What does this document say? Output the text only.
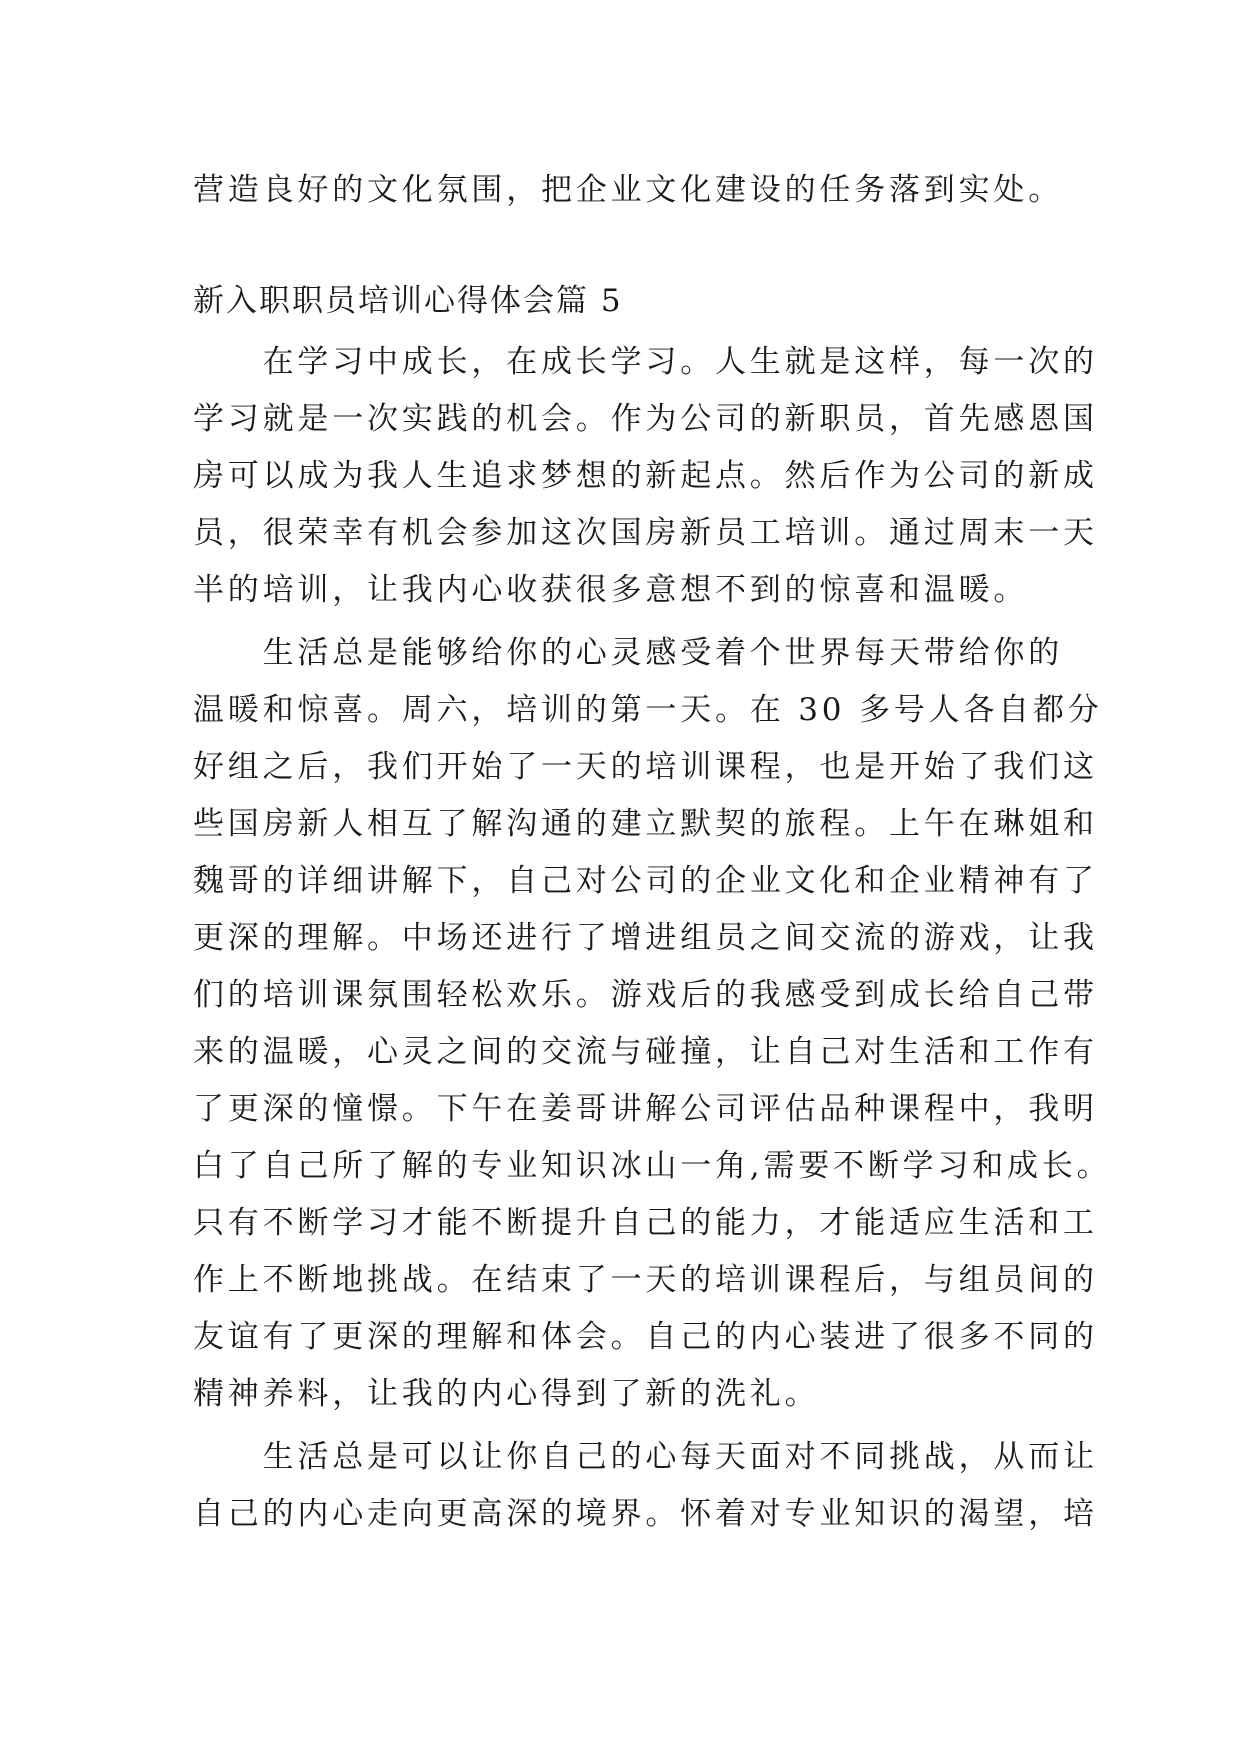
营造良好的文化氛围，把企业文化建设的任务落到实处。

新入职职员培训心得体会篇 5

　　在学习中成长，在成长学习。人生就是这样，每一次的

学习就是一次实践的机会。作为公司的新职员，首先感恩国

房可以成为我人生追求梦想的新起点。然后作为公司的新成

员，很荣幸有机会参加这次国房新员工培训。通过周末一天

半的培训，让我内心收获很多意想不到的惊喜和温暖。

　　生活总是能够给你的心灵感受着个世界每天带给你的

温暖和惊喜。周六，培训的第一天。在 30 多号人各自都分

好组之后，我们开始了一天的培训课程，也是开始了我们这

些国房新人相互了解沟通的建立默契的旅程。上午在琳姐和

魏哥的详细讲解下，自己对公司的企业文化和企业精神有了

更深的理解。中场还进行了增进组员之间交流的游戏，让我

们的培训课氛围轻松欢乐。游戏后的我感受到成长给自己带

来的温暖，心灵之间的交流与碰撞，让自己对生活和工作有

了更深的憧憬。下午在姜哥讲解公司评估品种课程中，我明

白了自己所了解的专业知识冰山一角,需要不断学习和成长。

只有不断学习才能不断提升自己的能力，才能适应生活和工

作上不断地挑战。在结束了一天的培训课程后，与组员间的

友谊有了更深的理解和体会。自己的内心装进了很多不同的

精神养料，让我的内心得到了新的洗礼。

　　生活总是可以让你自己的心每天面对不同挑战，从而让

自己的内心走向更高深的境界。怀着对专业知识的渴望，培
